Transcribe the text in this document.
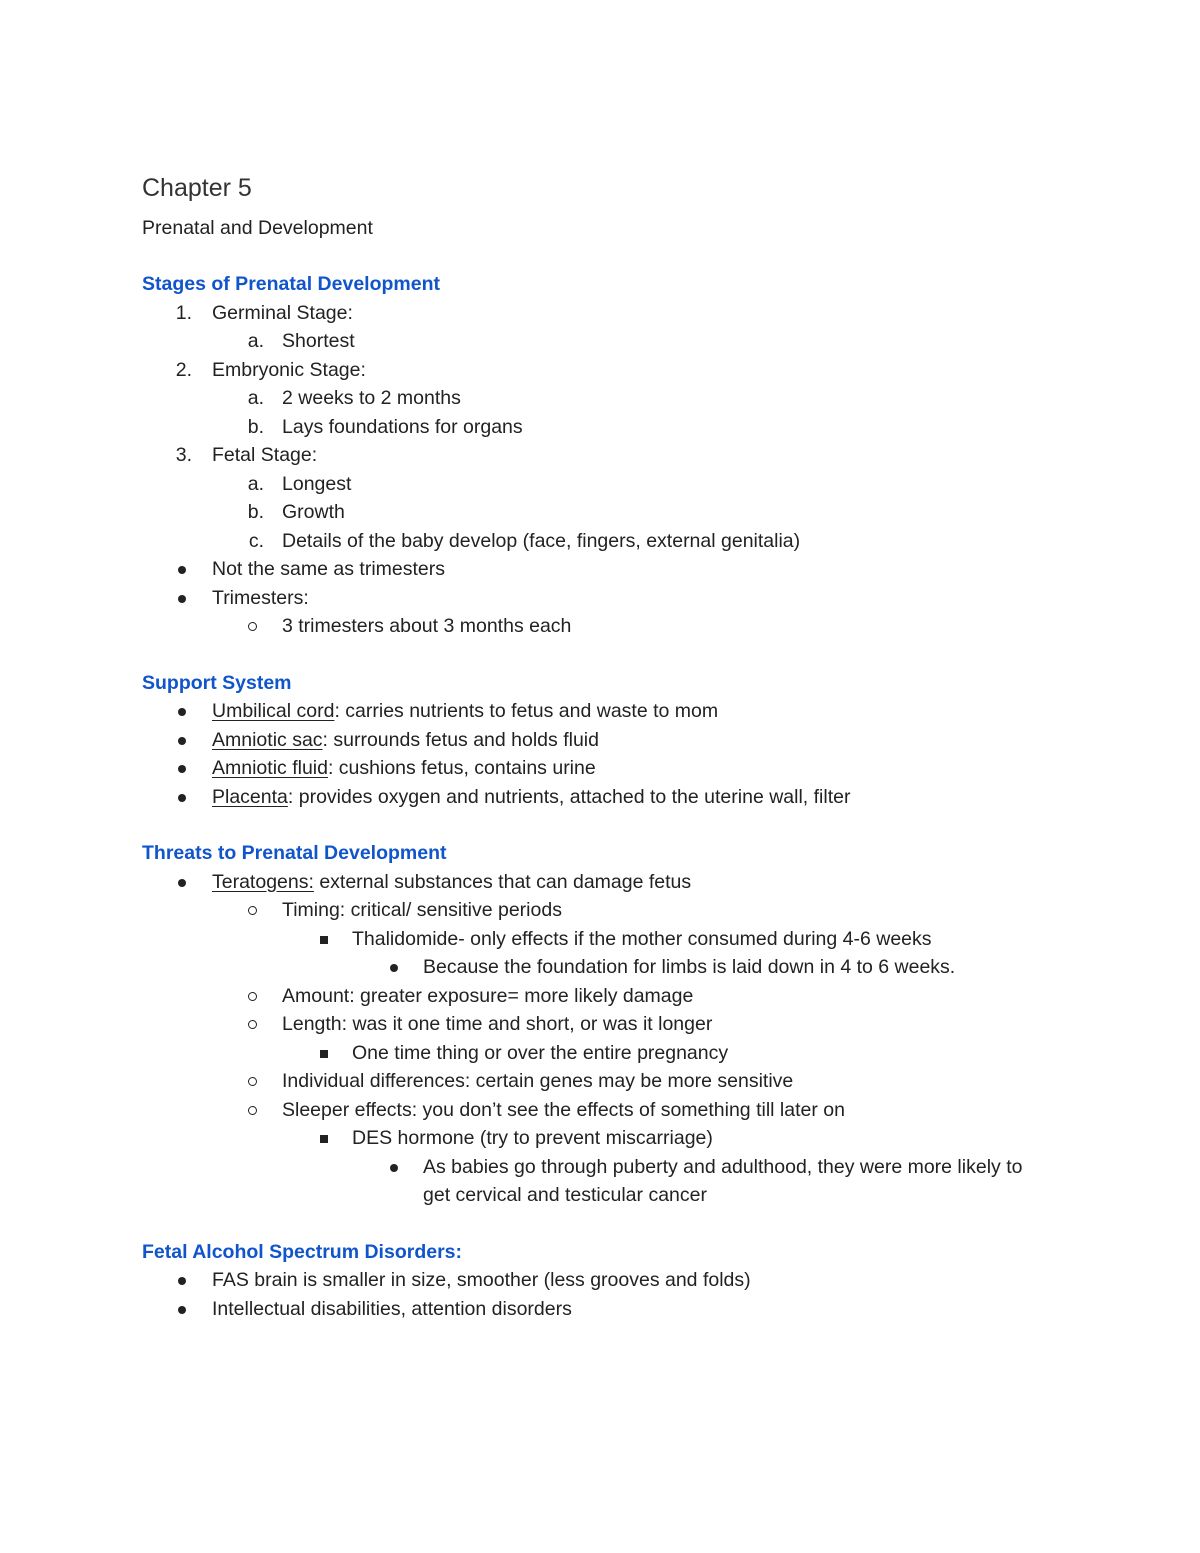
Chapter 5
Prenatal and Development
Stages of Prenatal Development
1. Germinal Stage:
a. Shortest
2. Embryonic Stage:
a. 2 weeks to 2 months
b. Lays foundations for organs
3. Fetal Stage:
a. Longest
b. Growth
c. Details of the baby develop (face, fingers, external genitalia)
Not the same as trimesters
Trimesters:
3 trimesters about 3 months each
Support System
Umbilical cord: carries nutrients to fetus and waste to mom
Amniotic sac: surrounds fetus and holds fluid
Amniotic fluid: cushions fetus, contains urine
Placenta: provides oxygen and nutrients, attached to the uterine wall, filter
Threats to Prenatal Development
Teratogens: external substances that can damage fetus
Timing: critical/ sensitive periods
Thalidomide- only effects if the mother consumed during 4-6 weeks
Because the foundation for limbs is laid down in 4 to 6 weeks.
Amount: greater exposure= more likely damage
Length: was it one time and short, or was it longer
One time thing or over the entire pregnancy
Individual differences: certain genes may be more sensitive
Sleeper effects: you don’t see the effects of something till later on
DES hormone (try to prevent miscarriage)
As babies go through puberty and adulthood, they were more likely to get cervical and testicular cancer
Fetal Alcohol Spectrum Disorders:
FAS brain is smaller in size, smoother (less grooves and folds)
Intellectual disabilities, attention disorders
